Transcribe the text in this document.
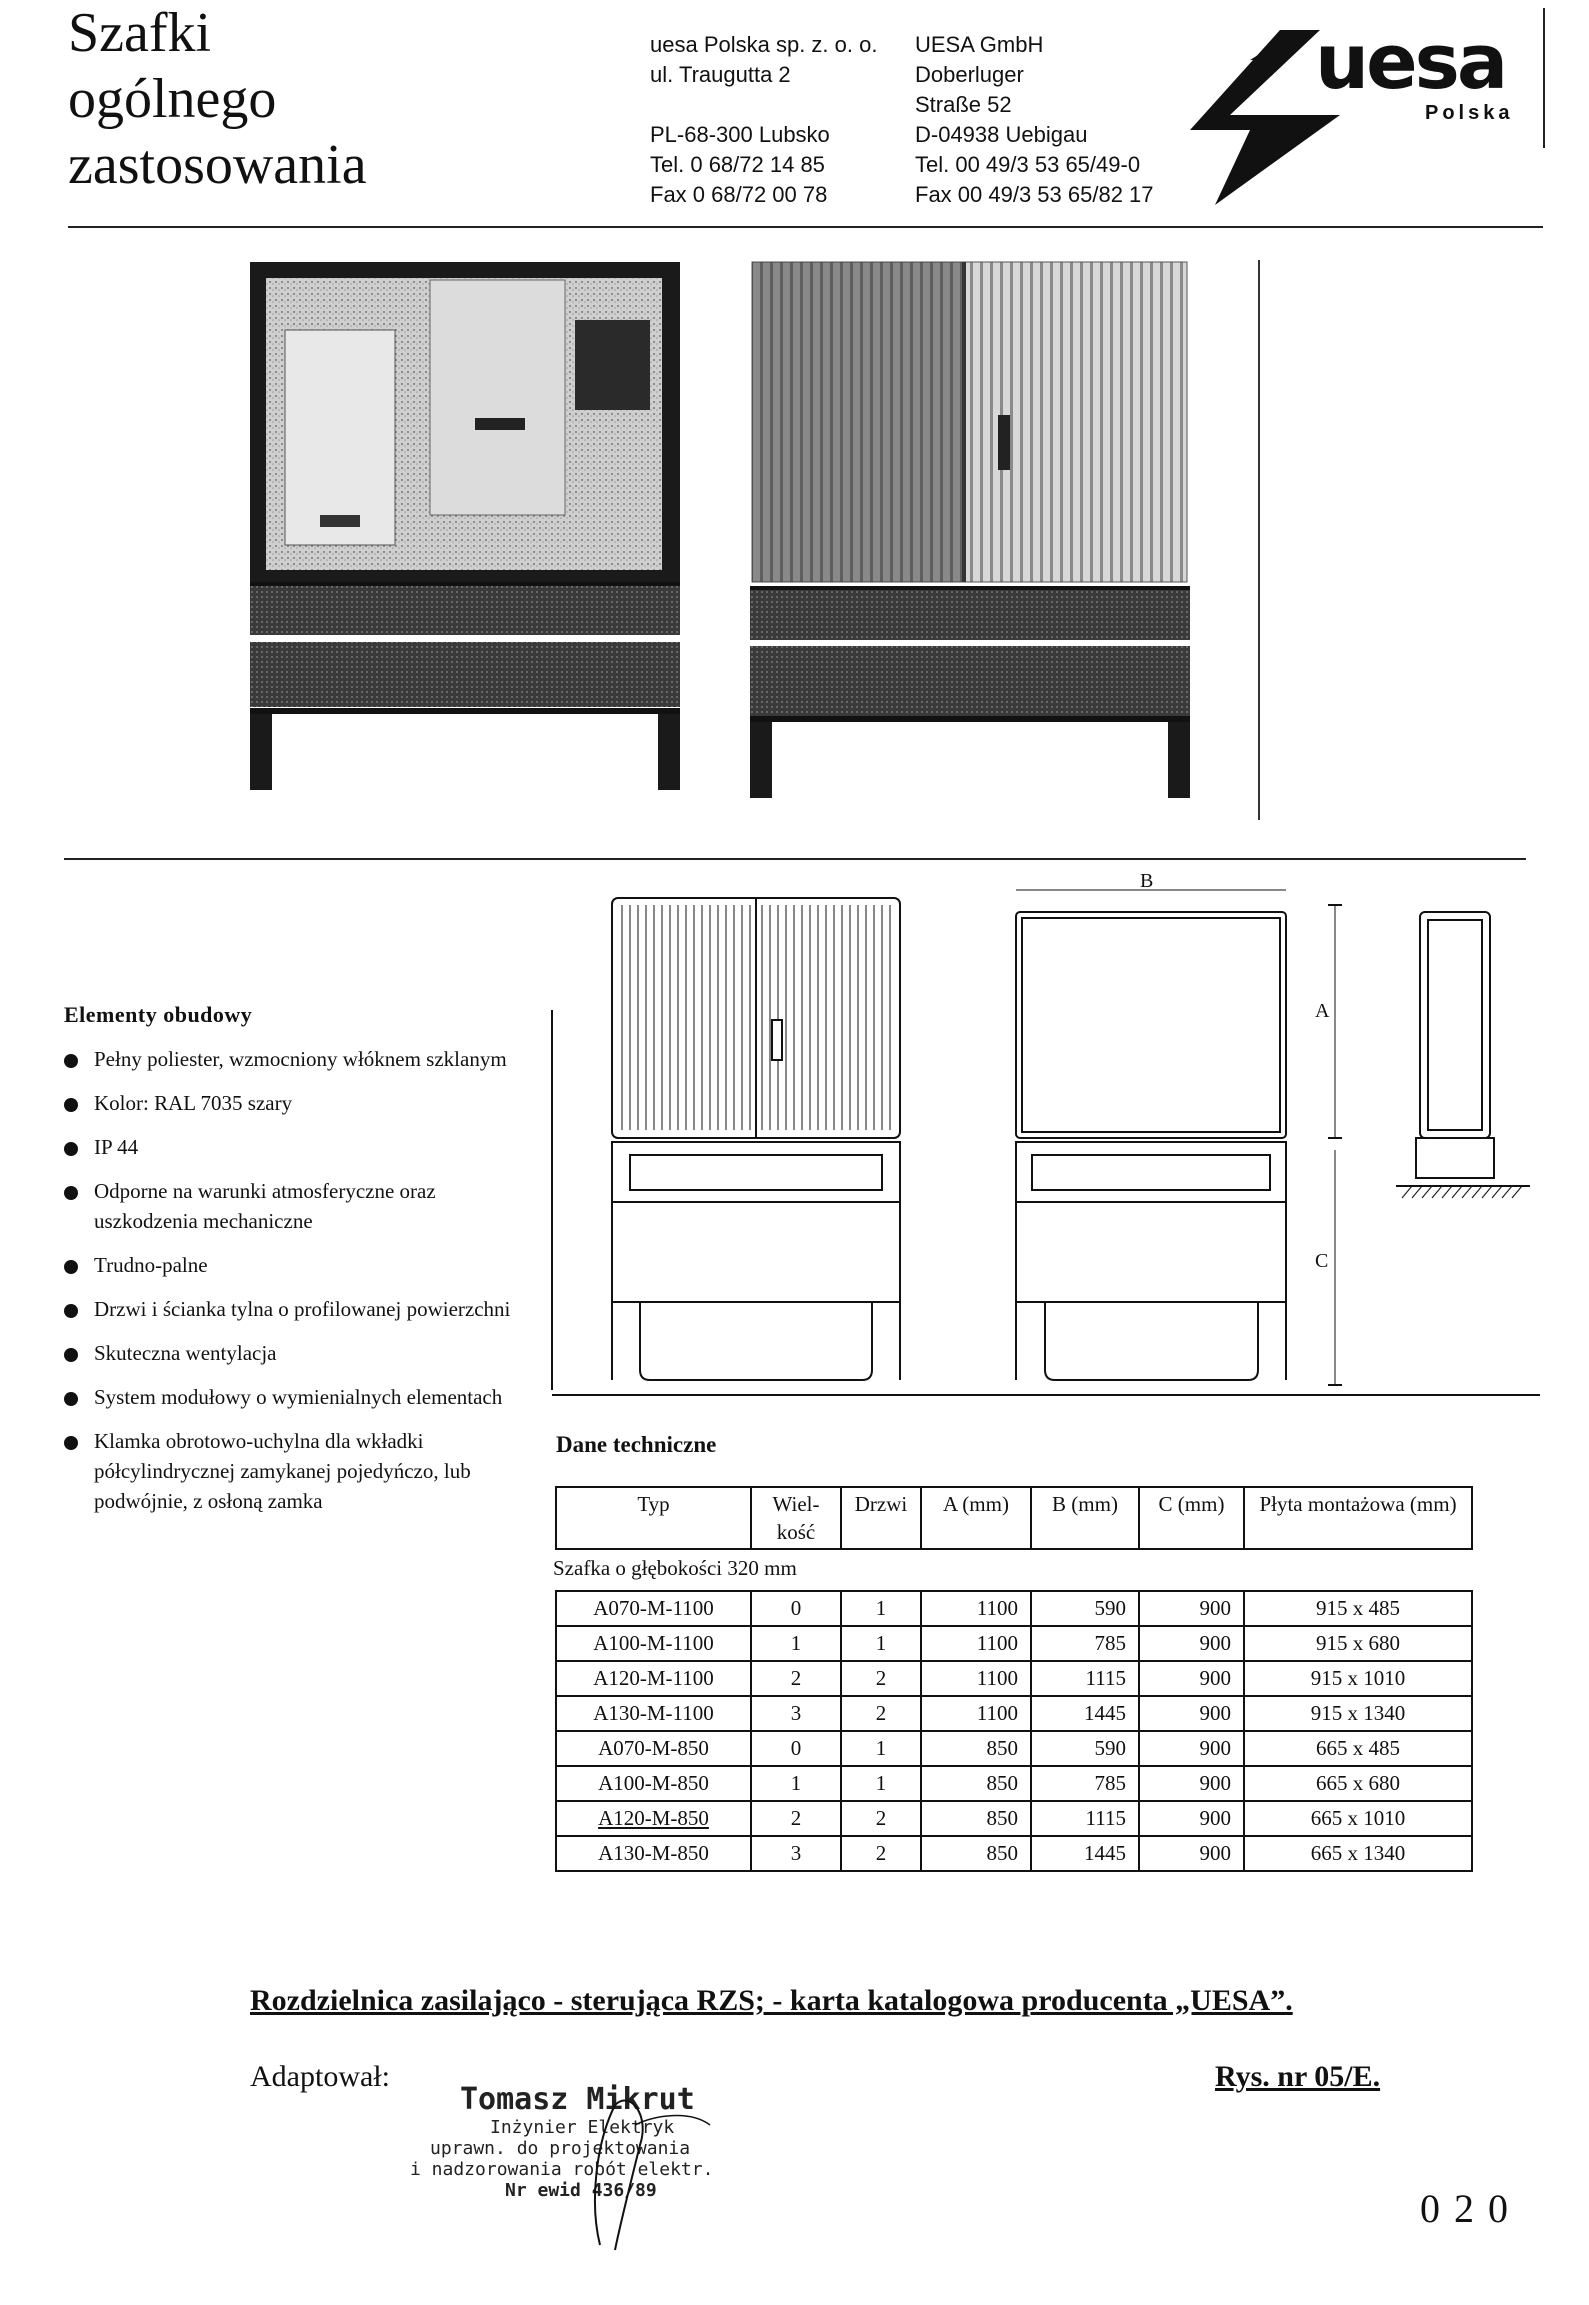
Szafki
ogólnego
zastosowania
uesa Polska sp. z. o. o.
ul. Traugutta 2
PL-68-300 Lubsko
Tel. 0 68/72 14 85
Fax 0 68/72 00 78
UESA GmbH
Doberluger
Straße 52
D-04938 Uebigau
Tel. 00 49/3 53 65/49-0
Fax 00 49/3 53 65/82 17
uesa
Polska
B
A
C
Elementy obudowy
Pełny poliester, wzmocniony włóknem szklanym
Kolor: RAL 7035 szary
IP 44
Odporne na warunki atmosferyczne oraz uszkodzenia mechaniczne
Trudno-palne
Drzwi i ścianka tylna o profilowanej powierzchni
Skuteczna wentylacja
System modułowy o wymienialnych elementach
Klamka obrotowo-uchylna dla wkładki półcylindrycznej zamykanej pojedyńczo, lub podwójnie, z osłoną zamka
Dane techniczne
Typ	Wiel-kość	Drzwi	A (mm)	B (mm)	C (mm)	Płyta montażowa (mm)
Szafka o głębokości 320 mm
A070-M-1100	0	1	1100	590	900	915 x 485
A100-M-1100	1	1	1100	785	900	915 x 680
A120-M-1100	2	2	1100	1115	900	915 x 1010
A130-M-1100	3	2	1100	1445	900	915 x 1340
A070-M-850	0	1	850	590	900	665 x 485
A100-M-850	1	1	850	785	900	665 x 680
A120-M-850	2	2	850	1115	900	665 x 1010
A130-M-850	3	2	850	1445	900	665 x 1340
Rozdzielnica zasilająco - sterująca RZS; - karta katalogowa producenta „UESA”.
Adaptował:	Rys. nr 05/E.
0 2 0
Tomasz Mikrut
Inżynier Elektryk
uprawn. do projektowania
i nadzorowania robót elektr.
Nr ewid 436/89
